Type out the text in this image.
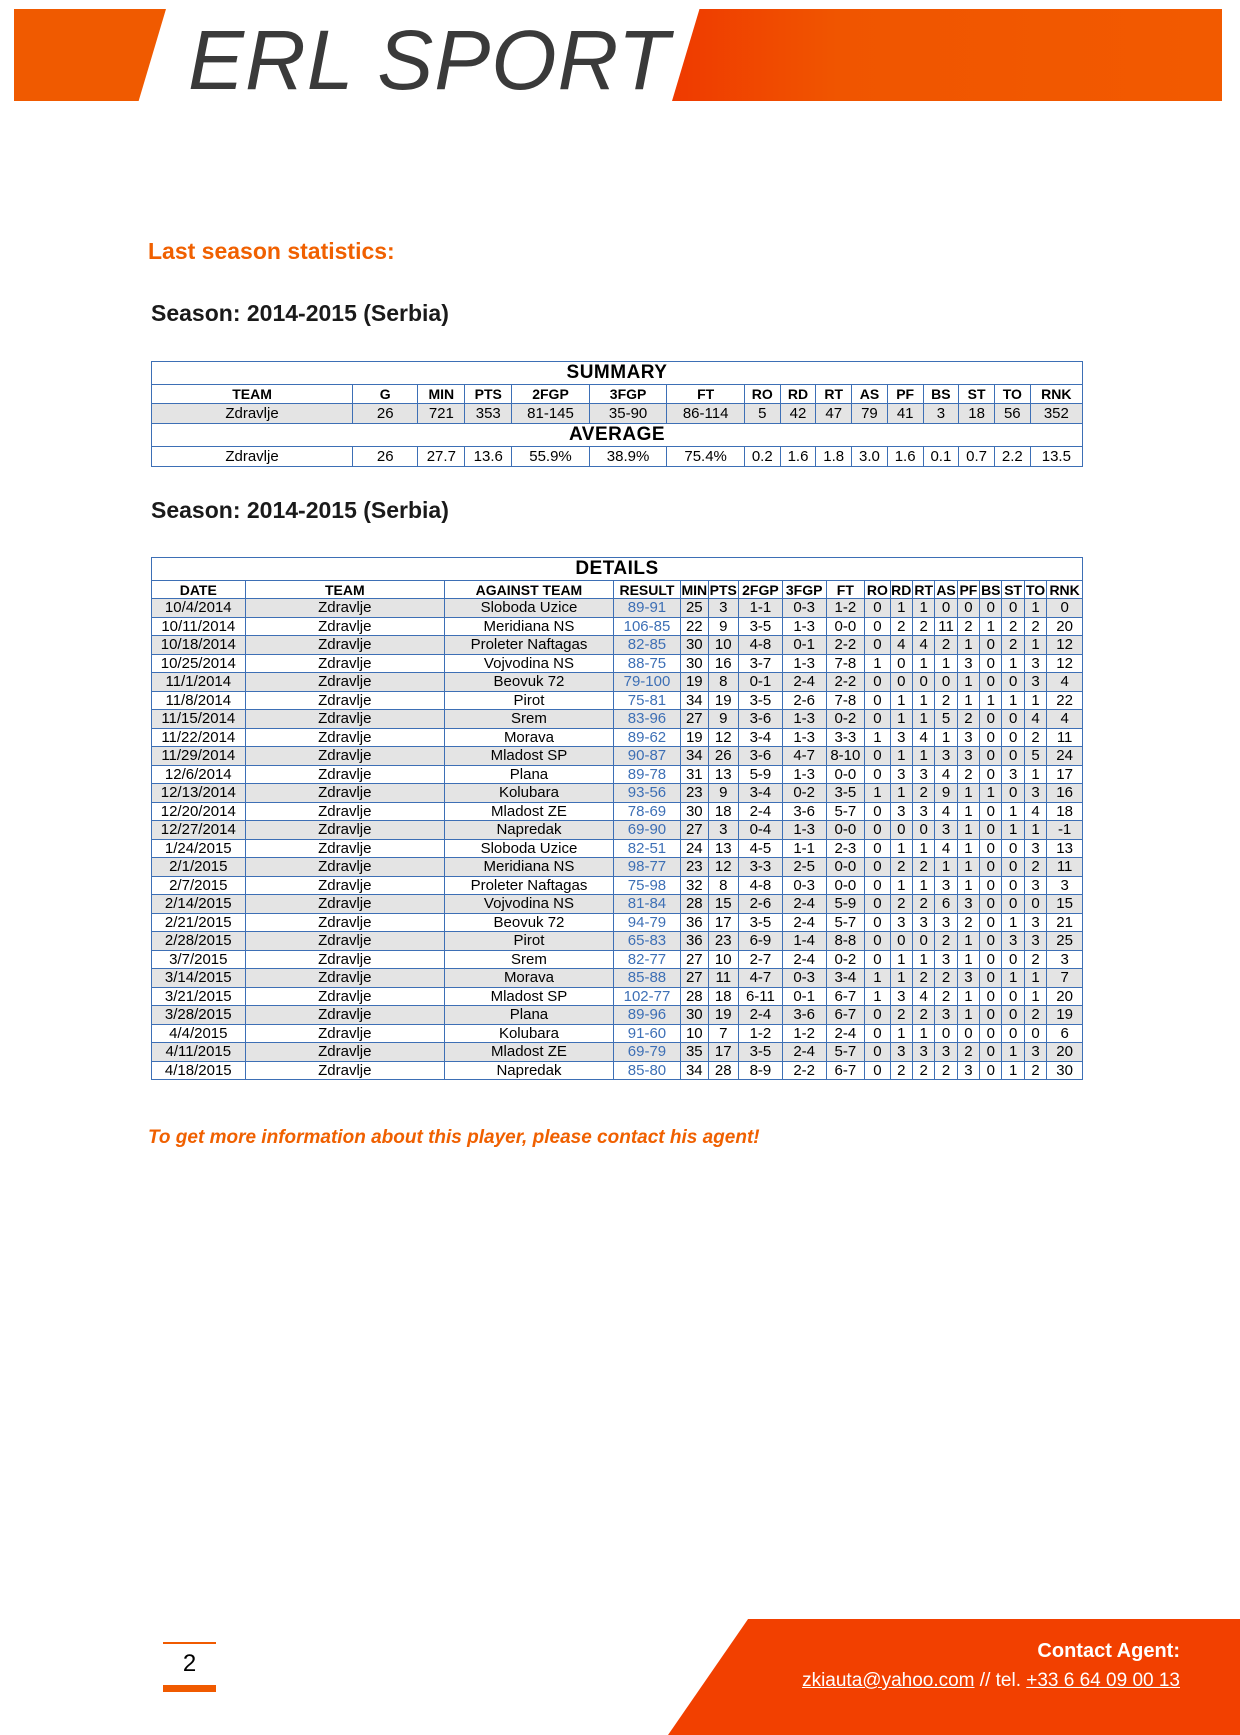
ERL SPORT
Last season statistics:
Season: 2014-2015 (Serbia)
SUMMARY															
TEAM	G	MIN	PTS	2FGP	3FGP	FT	RO	RD	RT	AS	PF	BS	ST	TO	RNK
Zdravlje	26	721	353	81-145	35-90	86-114	5	42	47	79	41	3	18	56	352
AVERAGE															
Zdravlje	26	27.7	13.6	55.9%	38.9%	75.4%	0.2	1.6	1.8	3.0	1.6	0.1	0.7	2.2	13.5
Season: 2014-2015 (Serbia)
DETAILS																	
DATE	TEAM	AGAINST TEAM	RESULT	MIN	PTS	2FGP	3FGP	FT	RO	RD	RT	AS	PF	BS	ST	TO	RNK
10/4/2014	Zdravlje	Sloboda Uzice	89-91	25	3	1-1	0-3	1-2	0	1	1	0	0	0	0	1	0
10/11/2014	Zdravlje	Meridiana NS	106-85	22	9	3-5	1-3	0-0	0	2	2	11	2	1	2	2	20
10/18/2014	Zdravlje	Proleter Naftagas	82-85	30	10	4-8	0-1	2-2	0	4	4	2	1	0	2	1	12
10/25/2014	Zdravlje	Vojvodina NS	88-75	30	16	3-7	1-3	7-8	1	0	1	1	3	0	1	3	12
11/1/2014	Zdravlje	Beovuk 72	79-100	19	8	0-1	2-4	2-2	0	0	0	0	1	0	0	3	4
11/8/2014	Zdravlje	Pirot	75-81	34	19	3-5	2-6	7-8	0	1	1	2	1	1	1	1	22
11/15/2014	Zdravlje	Srem	83-96	27	9	3-6	1-3	0-2	0	1	1	5	2	0	0	4	4
11/22/2014	Zdravlje	Morava	89-62	19	12	3-4	1-3	3-3	1	3	4	1	3	0	0	2	11
11/29/2014	Zdravlje	Mladost SP	90-87	34	26	3-6	4-7	8-10	0	1	1	3	3	0	0	5	24
12/6/2014	Zdravlje	Plana	89-78	31	13	5-9	1-3	0-0	0	3	3	4	2	0	3	1	17
12/13/2014	Zdravlje	Kolubara	93-56	23	9	3-4	0-2	3-5	1	1	2	9	1	1	0	3	16
12/20/2014	Zdravlje	Mladost ZE	78-69	30	18	2-4	3-6	5-7	0	3	3	4	1	0	1	4	18
12/27/2014	Zdravlje	Napredak	69-90	27	3	0-4	1-3	0-0	0	0	0	3	1	0	1	1	-1
1/24/2015	Zdravlje	Sloboda Uzice	82-51	24	13	4-5	1-1	2-3	0	1	1	4	1	0	0	3	13
2/1/2015	Zdravlje	Meridiana NS	98-77	23	12	3-3	2-5	0-0	0	2	2	1	1	0	0	2	11
2/7/2015	Zdravlje	Proleter Naftagas	75-98	32	8	4-8	0-3	0-0	0	1	1	3	1	0	0	3	3
2/14/2015	Zdravlje	Vojvodina NS	81-84	28	15	2-6	2-4	5-9	0	2	2	6	3	0	0	0	15
2/21/2015	Zdravlje	Beovuk 72	94-79	36	17	3-5	2-4	5-7	0	3	3	3	2	0	1	3	21
2/28/2015	Zdravlje	Pirot	65-83	36	23	6-9	1-4	8-8	0	0	0	2	1	0	3	3	25
3/7/2015	Zdravlje	Srem	82-77	27	10	2-7	2-4	0-2	0	1	1	3	1	0	0	2	3
3/14/2015	Zdravlje	Morava	85-88	27	11	4-7	0-3	3-4	1	1	2	2	3	0	1	1	7
3/21/2015	Zdravlje	Mladost SP	102-77	28	18	6-11	0-1	6-7	1	3	4	2	1	0	0	1	20
3/28/2015	Zdravlje	Plana	89-96	30	19	2-4	3-6	6-7	0	2	2	3	1	0	0	2	19
4/4/2015	Zdravlje	Kolubara	91-60	10	7	1-2	1-2	2-4	0	1	1	0	0	0	0	0	6
4/11/2015	Zdravlje	Mladost ZE	69-79	35	17	3-5	2-4	5-7	0	3	3	3	2	0	1	3	20
4/18/2015	Zdravlje	Napredak	85-80	34	28	8-9	2-2	6-7	0	2	2	2	3	0	1	2	30
To get more information about this player, please contact his agent!
2	Contact Agent:
zkiauta@yahoo.com // tel. +33 6 64 09 00 13
